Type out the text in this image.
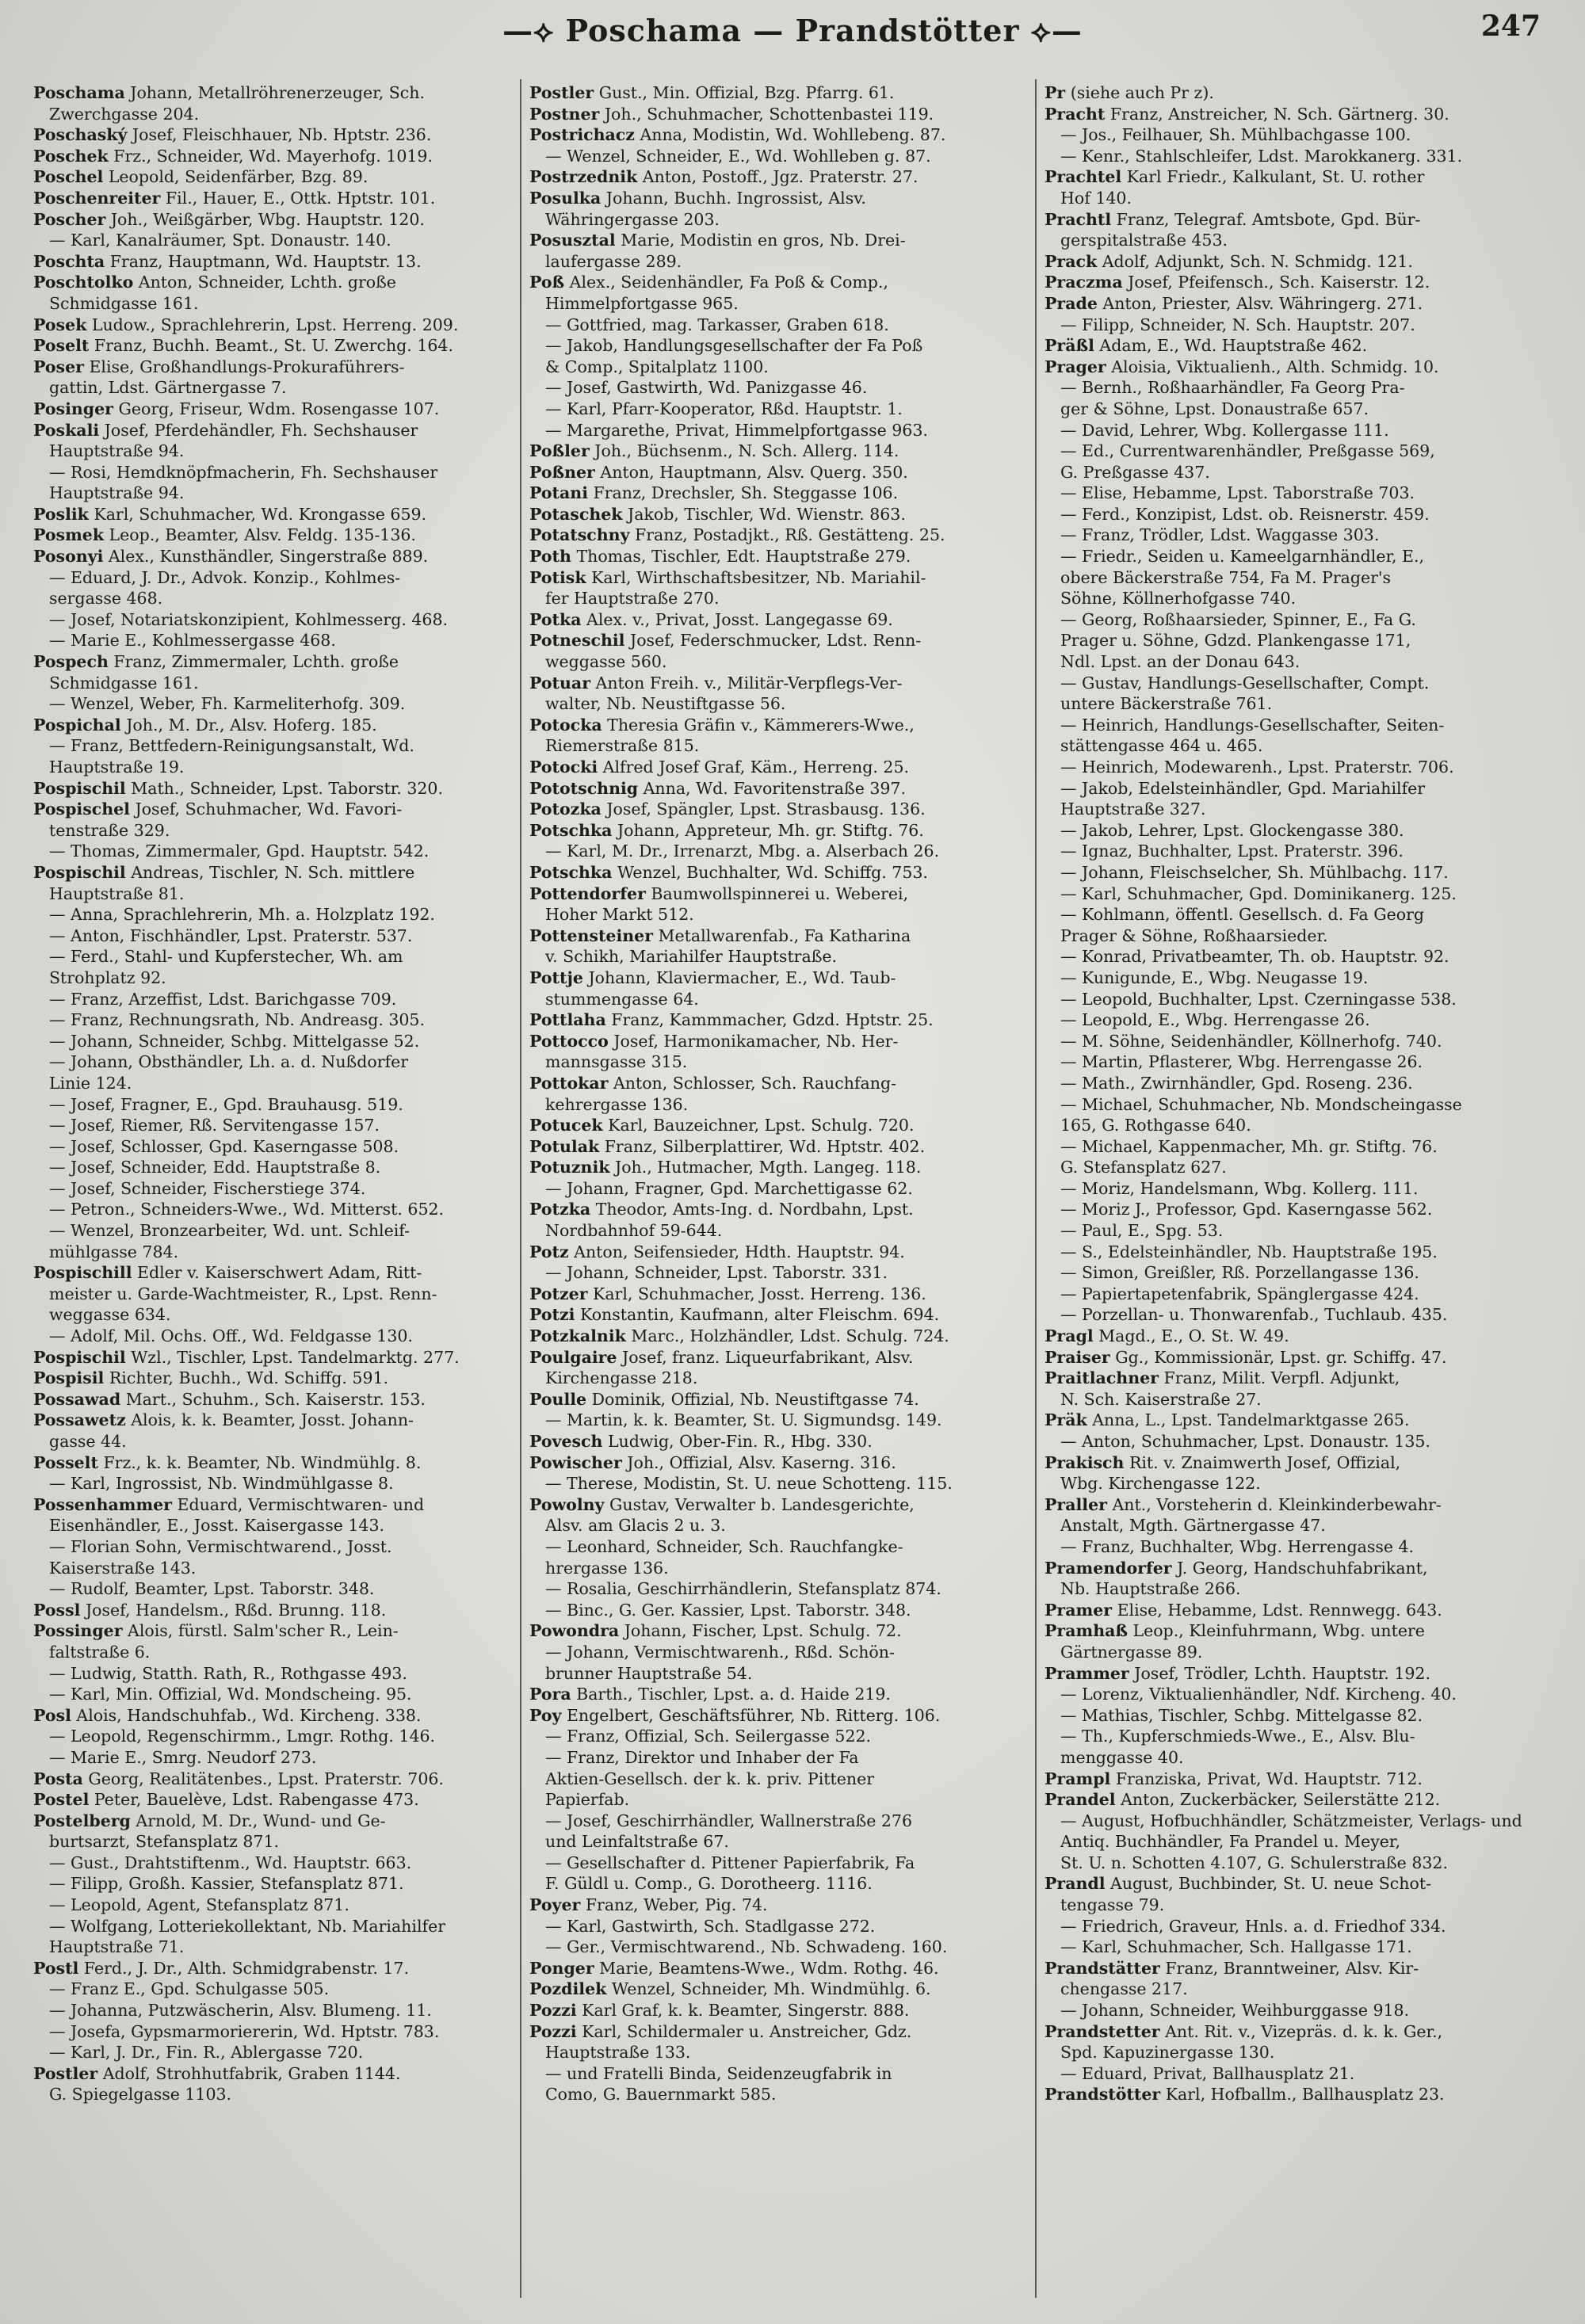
—⟡ Poschama — Prandstötter ⟡—	247
Poschama Johann, Metallröhrenerzeuger, Sch.
Zwerchgasse 204.
Poschaský Josef, Fleischhauer, Nb. Hptstr. 236.
Poschek Frz., Schneider, Wd. Mayerhofg. 1019.
Poschel Leopold, Seidenfärber, Bzg. 89.
Poschenreiter Fil., Hauer, E., Ottk. Hptstr. 101.
Poscher Joh., Weißgärber, Wbg. Hauptstr. 120.
— Karl, Kanalräumer, Spt. Donaustr. 140.
Poschta Franz, Hauptmann, Wd. Hauptstr. 13.
Poschtolko Anton, Schneider, Lchth. große
Schmidgasse 161.
Posek Ludow., Sprachlehrerin, Lpst. Herreng. 209.
Poselt Franz, Buchh. Beamt., St. U. Zwerchg. 164.
Poser Elise, Großhandlungs-Prokuraführers-
gattin, Ldst. Gärtnergasse 7.
Posinger Georg, Friseur, Wdm. Rosengasse 107.
Poskali Josef, Pferdehändler, Fh. Sechshauser
Hauptstraße 94.
— Rosi, Hemdknöpfmacherin, Fh. Sechshauser
Hauptstraße 94.
Poslik Karl, Schuhmacher, Wd. Krongasse 659.
Posmek Leop., Beamter, Alsv. Feldg. 135-136.
Posonyi Alex., Kunsthändler, Singerstraße 889.
— Eduard, J. Dr., Advok. Konzip., Kohlmes-
sergasse 468.
— Josef, Notariatskonzipient, Kohlmesserg. 468.
— Marie E., Kohlmessergasse 468.
Pospech Franz, Zimmermaler, Lchth. große
Schmidgasse 161.
— Wenzel, Weber, Fh. Karmeliterhofg. 309.
Pospichal Joh., M. Dr., Alsv. Hoferg. 185.
— Franz, Bettfedern-Reinigungsanstalt, Wd.
Hauptstraße 19.
Pospischil Math., Schneider, Lpst. Taborstr. 320.
Pospischel Josef, Schuhmacher, Wd. Favori-
tenstraße 329.
— Thomas, Zimmermaler, Gpd. Hauptstr. 542.
Pospischil Andreas, Tischler, N. Sch. mittlere
Hauptstraße 81.
— Anna, Sprachlehrerin, Mh. a. Holzplatz 192.
— Anton, Fischhändler, Lpst. Praterstr. 537.
— Ferd., Stahl- und Kupferstecher, Wh. am
Strohplatz 92.
— Franz, Arzeffist, Ldst. Barichgasse 709.
— Franz, Rechnungsrath, Nb. Andreasg. 305.
— Johann, Schneider, Schbg. Mittelgasse 52.
— Johann, Obsthändler, Lh. a. d. Nußdorfer
Linie 124.
— Josef, Fragner, E., Gpd. Brauhausg. 519.
— Josef, Riemer, Rß. Servitengasse 157.
— Josef, Schlosser, Gpd. Kaserngasse 508.
— Josef, Schneider, Edd. Hauptstraße 8.
— Josef, Schneider, Fischerstiege 374.
— Petron., Schneiders-Wwe., Wd. Mitterst. 652.
— Wenzel, Bronzearbeiter, Wd. unt. Schleif-
mühlgasse 784.
Pospischill Edler v. Kaiserschwert Adam, Ritt-
meister u. Garde-Wachtmeister, R., Lpst. Renn-
weggasse 634.
— Adolf, Mil. Ochs. Off., Wd. Feldgasse 130.
Pospischil Wzl., Tischler, Lpst. Tandelmarktg. 277.
Pospisil Richter, Buchh., Wd. Schiffg. 591.
Possawad Mart., Schuhm., Sch. Kaiserstr. 153.
Possawetz Alois, k. k. Beamter, Josst. Johann-
gasse 44.
Posselt Frz., k. k. Beamter, Nb. Windmühlg. 8.
— Karl, Ingrossist, Nb. Windmühlgasse 8.
Possenhammer Eduard, Vermischtwaren- und
Eisenhändler, E., Josst. Kaisergasse 143.
— Florian Sohn, Vermischtwarend., Josst.
Kaiserstraße 143.
— Rudolf, Beamter, Lpst. Taborstr. 348.
Possl Josef, Handelsm., Rßd. Brunng. 118.
Possinger Alois, fürstl. Salm'scher R., Lein-
faltstraße 6.
— Ludwig, Statth. Rath, R., Rothgasse 493.
— Karl, Min. Offizial, Wd. Mondscheing. 95.
Posl Alois, Handschuhfab., Wd. Kircheng. 338.
— Leopold, Regenschirmm., Lmgr. Rothg. 146.
— Marie E., Smrg. Neudorf 273.
Posta Georg, Realitätenbes., Lpst. Praterstr. 706.
Postel Peter, Bauelève, Ldst. Rabengasse 473.
Postelberg Arnold, M. Dr., Wund- und Ge-
burtsarzt, Stefansplatz 871.
— Gust., Drahtstiftenm., Wd. Hauptstr. 663.
— Filipp, Großh. Kassier, Stefansplatz 871.
— Leopold, Agent, Stefansplatz 871.
— Wolfgang, Lotteriekollektant, Nb. Mariahilfer
Hauptstraße 71.
Postl Ferd., J. Dr., Alth. Schmidgrabenstr. 17.
— Franz E., Gpd. Schulgasse 505.
— Johanna, Putzwäscherin, Alsv. Blumeng. 11.
— Josefa, Gypsmarmoriererin, Wd. Hptstr. 783.
— Karl, J. Dr., Fin. R., Ablergasse 720.
Postler Adolf, Strohhutfabrik, Graben 1144.
G. Spiegelgasse 1103.
Postler Gust., Min. Offizial, Bzg. Pfarrg. 61.
Postner Joh., Schuhmacher, Schottenbastei 119.
Postrichacz Anna, Modistin, Wd. Wohllebeng. 87.
— Wenzel, Schneider, E., Wd. Wohlleben g. 87.
Postrzednik Anton, Postoff., Jgz. Praterstr. 27.
Posulka Johann, Buchh. Ingrossist, Alsv.
Währingergasse 203.
Posusztal Marie, Modistin en gros, Nb. Drei-
laufergasse 289.
Poß Alex., Seidenhändler, Fa Poß & Comp.,
Himmelpfortgasse 965.
— Gottfried, mag. Tarkasser, Graben 618.
— Jakob, Handlungsgesellschafter der Fa Poß
& Comp., Spitalplatz 1100.
— Josef, Gastwirth, Wd. Panizgasse 46.
— Karl, Pfarr-Kooperator, Rßd. Hauptstr. 1.
— Margarethe, Privat, Himmelpfortgasse 963.
Poßler Joh., Büchsenm., N. Sch. Allerg. 114.
Poßner Anton, Hauptmann, Alsv. Querg. 350.
Potani Franz, Drechsler, Sh. Steggasse 106.
Potaschek Jakob, Tischler, Wd. Wienstr. 863.
Potatschny Franz, Postadjkt., Rß. Gestätteng. 25.
Poth Thomas, Tischler, Edt. Hauptstraße 279.
Potisk Karl, Wirthschaftsbesitzer, Nb. Mariahil-
fer Hauptstraße 270.
Potka Alex. v., Privat, Josst. Langegasse 69.
Potneschil Josef, Federschmucker, Ldst. Renn-
weggasse 560.
Potuar Anton Freih. v., Militär-Verpflegs-Ver-
walter, Nb. Neustiftgasse 56.
Potocka Theresia Gräfin v., Kämmerers-Wwe.,
Riemerstraße 815.
Potocki Alfred Josef Graf, Käm., Herreng. 25.
Pototschnig Anna, Wd. Favoritenstraße 397.
Potozka Josef, Spängler, Lpst. Strasbausg. 136.
Potschka Johann, Appreteur, Mh. gr. Stiftg. 76.
— Karl, M. Dr., Irrenarzt, Mbg. a. Alserbach 26.
Potschka Wenzel, Buchhalter, Wd. Schiffg. 753.
Pottendorfer Baumwollspinnerei u. Weberei,
Hoher Markt 512.
Pottensteiner Metallwarenfab., Fa Katharina
v. Schikh, Mariahilfer Hauptstraße.
Pottje Johann, Klaviermacher, E., Wd. Taub-
stummengasse 64.
Pottlaha Franz, Kammmacher, Gdzd. Hptstr. 25.
Pottocco Josef, Harmonikamacher, Nb. Her-
mannsgasse 315.
Pottokar Anton, Schlosser, Sch. Rauchfang-
kehrergasse 136.
Potucek Karl, Bauzeichner, Lpst. Schulg. 720.
Potulak Franz, Silberplattirer, Wd. Hptstr. 402.
Potuznik Joh., Hutmacher, Mgth. Langeg. 118.
— Johann, Fragner, Gpd. Marchettigasse 62.
Potzka Theodor, Amts-Ing. d. Nordbahn, Lpst.
Nordbahnhof 59-644.
Potz Anton, Seifensieder, Hdth. Hauptstr. 94.
— Johann, Schneider, Lpst. Taborstr. 331.
Potzer Karl, Schuhmacher, Josst. Herreng. 136.
Potzi Konstantin, Kaufmann, alter Fleischm. 694.
Potzkalnik Marc., Holzhändler, Ldst. Schulg. 724.
Poulgaire Josef, franz. Liqueurfabrikant, Alsv.
Kirchengasse 218.
Poulle Dominik, Offizial, Nb. Neustiftgasse 74.
— Martin, k. k. Beamter, St. U. Sigmundsg. 149.
Povesch Ludwig, Ober-Fin. R., Hbg. 330.
Powischer Joh., Offizial, Alsv. Kaserng. 316.
— Therese, Modistin, St. U. neue Schotteng. 115.
Powolny Gustav, Verwalter b. Landesgerichte,
Alsv. am Glacis 2 u. 3.
— Leonhard, Schneider, Sch. Rauchfangke-
hrergasse 136.
— Rosalia, Geschirrhändlerin, Stefansplatz 874.
— Binc., G. Ger. Kassier, Lpst. Taborstr. 348.
Powondra Johann, Fischer, Lpst. Schulg. 72.
— Johann, Vermischtwarenh., Rßd. Schön-
brunner Hauptstraße 54.
Pora Barth., Tischler, Lpst. a. d. Haide 219.
Poy Engelbert, Geschäftsführer, Nb. Ritterg. 106.
— Franz, Offizial, Sch. Seilergasse 522.
— Franz, Direktor und Inhaber der Fa
Aktien-Gesellsch. der k. k. priv. Pittener
Papierfab.
— Josef, Geschirrhändler, Wallnerstraße 276
und Leinfaltstraße 67.
— Gesellschafter d. Pittener Papierfabrik, Fa
F. Güldl u. Comp., G. Dorotheerg. 1116.
Poyer Franz, Weber, Pig. 74.
— Karl, Gastwirth, Sch. Stadlgasse 272.
— Ger., Vermischtwarend., Nb. Schwadeng. 160.
Ponger Marie, Beamtens-Wwe., Wdm. Rothg. 46.
Pozdilek Wenzel, Schneider, Mh. Windmühlg. 6.
Pozzi Karl Graf, k. k. Beamter, Singerstr. 888.
Pozzi Karl, Schildermaler u. Anstreicher, Gdz.
Hauptstraße 133.
— und Fratelli Binda, Seidenzeugfabrik in
Como, G. Bauernmarkt 585.
Pr (siehe auch Pr z).
Pracht Franz, Anstreicher, N. Sch. Gärtnerg. 30.
— Jos., Feilhauer, Sh. Mühlbachgasse 100.
— Kenr., Stahlschleifer, Ldst. Marokkanerg. 331.
Prachtel Karl Friedr., Kalkulant, St. U. rother
Hof 140.
Prachtl Franz, Telegraf. Amtsbote, Gpd. Bür-
gerspitalstraße 453.
Prack Adolf, Adjunkt, Sch. N. Schmidg. 121.
Praczma Josef, Pfeifensch., Sch. Kaiserstr. 12.
Prade Anton, Priester, Alsv. Währingerg. 271.
— Filipp, Schneider, N. Sch. Hauptstr. 207.
Präßl Adam, E., Wd. Hauptstraße 462.
Prager Aloisia, Viktualienh., Alth. Schmidg. 10.
— Bernh., Roßhaarhändler, Fa Georg Pra-
ger & Söhne, Lpst. Donaustraße 657.
— David, Lehrer, Wbg. Kollergasse 111.
— Ed., Currentwarenhändler, Preßgasse 569,
G. Preßgasse 437.
— Elise, Hebamme, Lpst. Taborstraße 703.
— Ferd., Konzipist, Ldst. ob. Reisnerstr. 459.
— Franz, Trödler, Ldst. Waggasse 303.
— Friedr., Seiden u. Kameelgarnhändler, E.,
obere Bäckerstraße 754, Fa M. Prager's
Söhne, Köllnerhofgasse 740.
— Georg, Roßhaarsieder, Spinner, E., Fa G.
Prager u. Söhne, Gdzd. Plankengasse 171,
Ndl. Lpst. an der Donau 643.
— Gustav, Handlungs-Gesellschafter, Compt.
untere Bäckerstraße 761.
— Heinrich, Handlungs-Gesellschafter, Seiten-
stättengasse 464 u. 465.
— Heinrich, Modewarenh., Lpst. Praterstr. 706.
— Jakob, Edelsteinhändler, Gpd. Mariahilfer
Hauptstraße 327.
— Jakob, Lehrer, Lpst. Glockengasse 380.
— Ignaz, Buchhalter, Lpst. Praterstr. 396.
— Johann, Fleischselcher, Sh. Mühlbachg. 117.
— Karl, Schuhmacher, Gpd. Dominikanerg. 125.
— Kohlmann, öffentl. Gesellsch. d. Fa Georg
Prager & Söhne, Roßhaarsieder.
— Konrad, Privatbeamter, Th. ob. Hauptstr. 92.
— Kunigunde, E., Wbg. Neugasse 19.
— Leopold, Buchhalter, Lpst. Czerningasse 538.
— Leopold, E., Wbg. Herrengasse 26.
— M. Söhne, Seidenhändler, Köllnerhofg. 740.
— Martin, Pflasterer, Wbg. Herrengasse 26.
— Math., Zwirnhändler, Gpd. Roseng. 236.
— Michael, Schuhmacher, Nb. Mondscheingasse
165, G. Rothgasse 640.
— Michael, Kappenmacher, Mh. gr. Stiftg. 76.
G. Stefansplatz 627.
— Moriz, Handelsmann, Wbg. Kollerg. 111.
— Moriz J., Professor, Gpd. Kaserngasse 562.
— Paul, E., Spg. 53.
— S., Edelsteinhändler, Nb. Hauptstraße 195.
— Simon, Greißler, Rß. Porzellangasse 136.
— Papiertapetenfabrik, Spänglergasse 424.
— Porzellan- u. Thonwarenfab., Tuchlaub. 435.
Pragl Magd., E., O. St. W. 49.
Praiser Gg., Kommissionär, Lpst. gr. Schiffg. 47.
Praitlachner Franz, Milit. Verpfl. Adjunkt,
N. Sch. Kaiserstraße 27.
Präk Anna, L., Lpst. Tandelmarktgasse 265.
— Anton, Schuhmacher, Lpst. Donaustr. 135.
Prakisch Rit. v. Znaimwerth Josef, Offizial,
Wbg. Kirchengasse 122.
Praller Ant., Vorsteherin d. Kleinkinderbewahr-
Anstalt, Mgth. Gärtnergasse 47.
— Franz, Buchhalter, Wbg. Herrengasse 4.
Pramendorfer J. Georg, Handschuhfabrikant,
Nb. Hauptstraße 266.
Pramer Elise, Hebamme, Ldst. Rennwegg. 643.
Pramhaß Leop., Kleinfuhrmann, Wbg. untere
Gärtnergasse 89.
Prammer Josef, Trödler, Lchth. Hauptstr. 192.
— Lorenz, Viktualienhändler, Ndf. Kircheng. 40.
— Mathias, Tischler, Schbg. Mittelgasse 82.
— Th., Kupferschmieds-Wwe., E., Alsv. Blu-
menggasse 40.
Prampl Franziska, Privat, Wd. Hauptstr. 712.
Prandel Anton, Zuckerbäcker, Seilerstätte 212.
— August, Hofbuchhändler, Schätzmeister, Verlags- und
Antiq. Buchhändler, Fa Prandel u. Meyer,
St. U. n. Schotten 4.107, G. Schulerstraße 832.
Prandl August, Buchbinder, St. U. neue Schot-
tengasse 79.
— Friedrich, Graveur, Hnls. a. d. Friedhof 334.
— Karl, Schuhmacher, Sch. Hallgasse 171.
Prandstätter Franz, Branntweiner, Alsv. Kir-
chengasse 217.
— Johann, Schneider, Weihburggasse 918.
Prandstetter Ant. Rit. v., Vizepräs. d. k. k. Ger.,
Spd. Kapuzinergasse 130.
— Eduard, Privat, Ballhausplatz 21.
Prandstötter Karl, Hofballm., Ballhausplatz 23.
